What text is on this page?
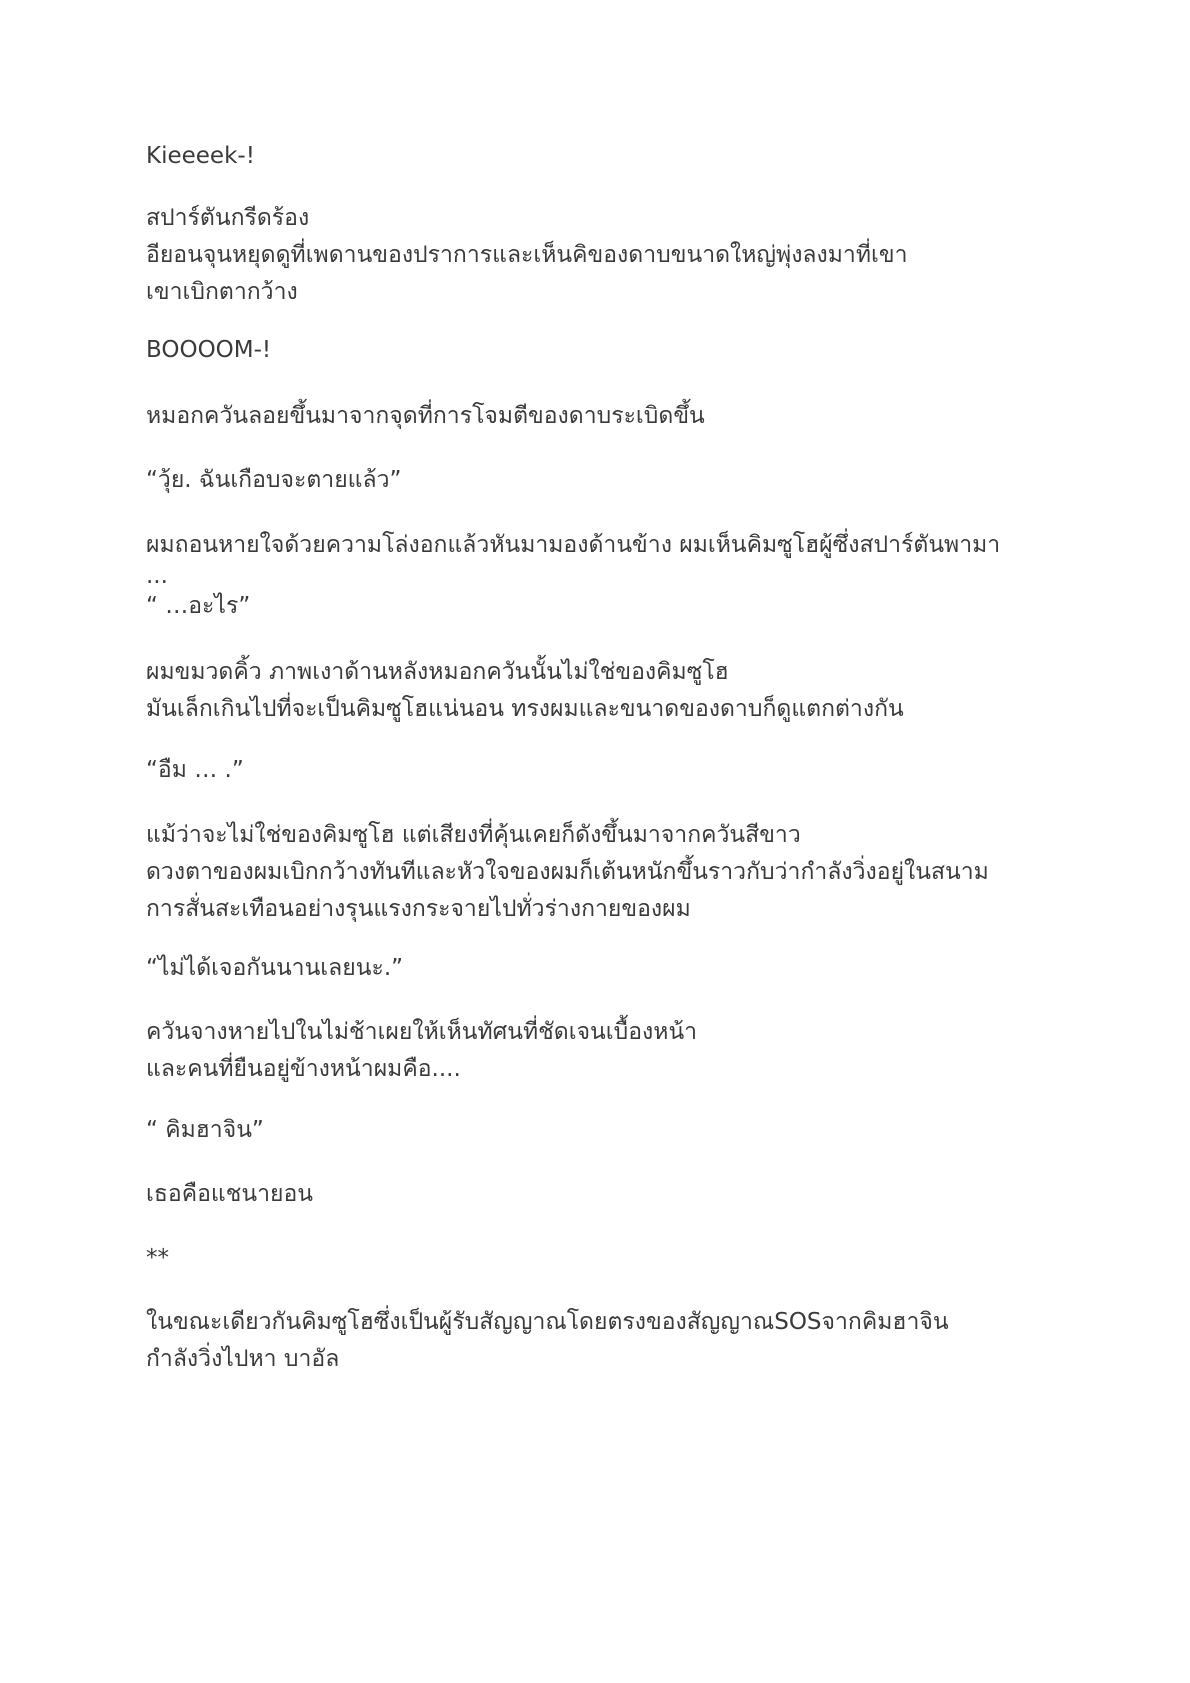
Kieeeek-!

สปาร์ตันกรีดร้อง
อียอนจุนหยุดดูที่เพดานของปราการและเห็นคิของดาบขนาดใหญ่พุ่งลงมาที่เขา
เขาเบิกตากว้าง

BOOOOM-!

หมอกควันลอยขึ้นมาจากจุดที่การโจมตีของดาบระเบิดขึ้น

“วุ้ย. ฉันเกือบจะตายแล้ว”

ผมถอนหายใจด้วยความโล่งอกแล้วหันมามองด้านข้าง ผมเห็นคิมซูโฮผู้ซึ่งสปาร์ตันพามา
...
“ …อะไร”

ผมขมวดคิ้ว ภาพเงาด้านหลังหมอกควันนั้นไม่ใช่ของคิมซูโฮ
มันเล็กเกินไปที่จะเป็นคิมซูโฮแน่นอน ทรงผมและขนาดของดาบก็ดูแตกต่างกัน

“อืม … .”

แม้ว่าจะไม่ใช่ของคิมซูโฮ แต่เสียงที่คุ้นเคยก็ดังขึ้นมาจากควันสีขาว
ดวงตาของผมเบิกกว้างทันทีและหัวใจของผมก็เต้นหนักขึ้นราวกับว่ากำลังวิ่งอยู่ในสนาม
การสั่นสะเทือนอย่างรุนแรงกระจายไปทั่วร่างกายของผม

“ไม่ได้เจอกันนานเลยนะ.”

ควันจางหายไปในไม่ช้าเผยให้เห็นทัศนที่ชัดเจนเบื้องหน้า
และคนที่ยืนอยู่ข้างหน้าผมคือ....

“ คิมฮาจิน”

เธอคือแชนายอน

**

ในขณะเดียวกันคิมซูโฮซึ่งเป็นผู้รับสัญญาณโดยตรงของสัญญาณSOSจากคิมฮาจิน
กำลังวิ่งไปหา บาอัล
